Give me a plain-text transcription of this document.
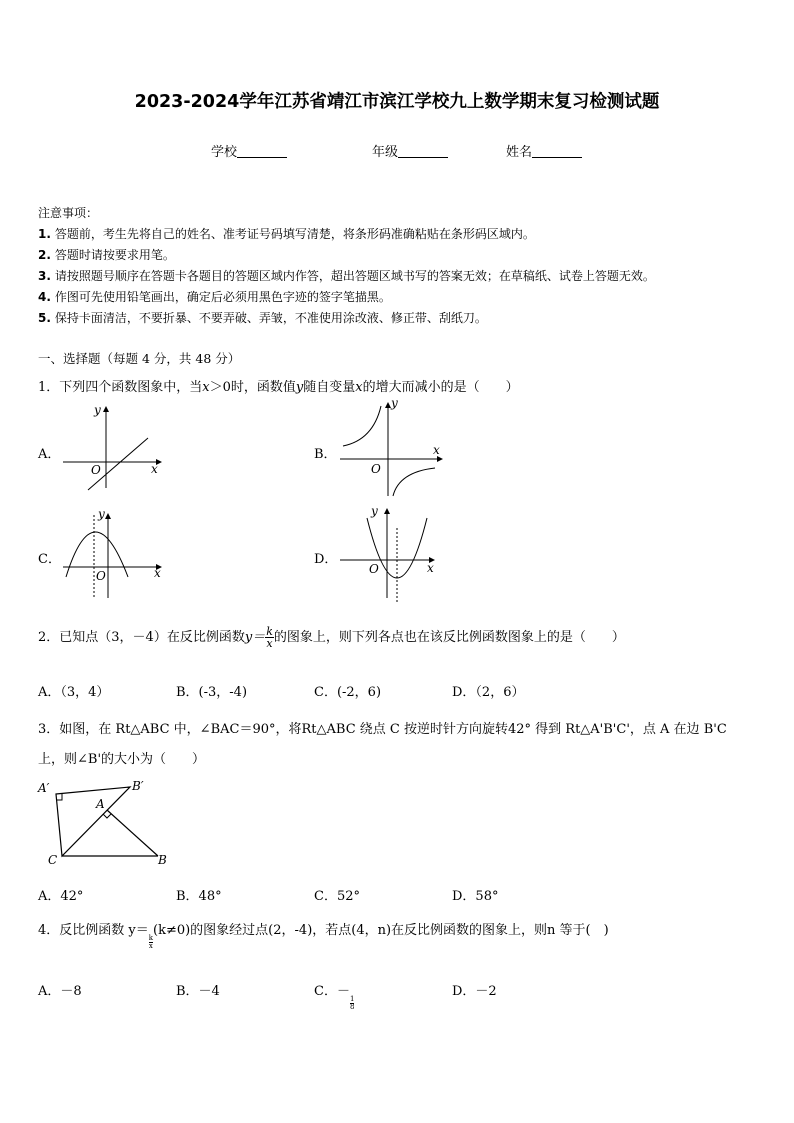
2023-2024学年江苏省靖江市滨江学校九上数学期末复习检测试题
学校	年级	姓名
注意事项：
1. 答题前，考生先将自己的姓名、准考证号码填写清楚，将条形码准确粘贴在条形码区域内。
2. 答题时请按要求用笔。
3. 请按照题号顺序在答题卡各题目的答题区域内作答，超出答题区域书写的答案无效；在草稿纸、试卷上答题无效。
4. 作图可先使用铅笔画出，确定后必须用黑色字迹的签字笔描黑。
5. 保持卡面清洁，不要折暴、不要弄破、弄皱，不准使用涂改液、修正带、刮纸刀。
一、选择题（每题 4 分，共 48 分）
1．下列四个函数图象中，当x＞0时，函数值y随自变量x的增大而减小的是（　　）
A．
x
y
O
B．	x
y
O
C．
x
y
O
D．
x
y
O
2．已知点（3，－4）在反比例函数$y= \frac{k}{x}$ 的图象上，则下列各点也在该反比例函数图象上的是（　　）
A．（3，4）	B．(-3，-4)	C．(-2，6)	D．（2，6）
3．如图，在 Rt△ABC 中，∠BAC＝90°，将Rt△ABC 绕点 C 按逆时针方向旋转42° 得到 Rt△A'B'C'，点 A 在边 B'C
上，则∠B'的大小为（　　）
A′	B′
A
C	B
A．42°	B．48°	C．52°	D．58°
4．反比例函数 y＝
$\frac{k}{x}$
(k≠0)的图象经过点(2，-4)，若点(4，n)在反比例函数的图象上，则n 等于(　)
A．－8	B．－4	C．－
$\frac{1}{8}$
D．－2
